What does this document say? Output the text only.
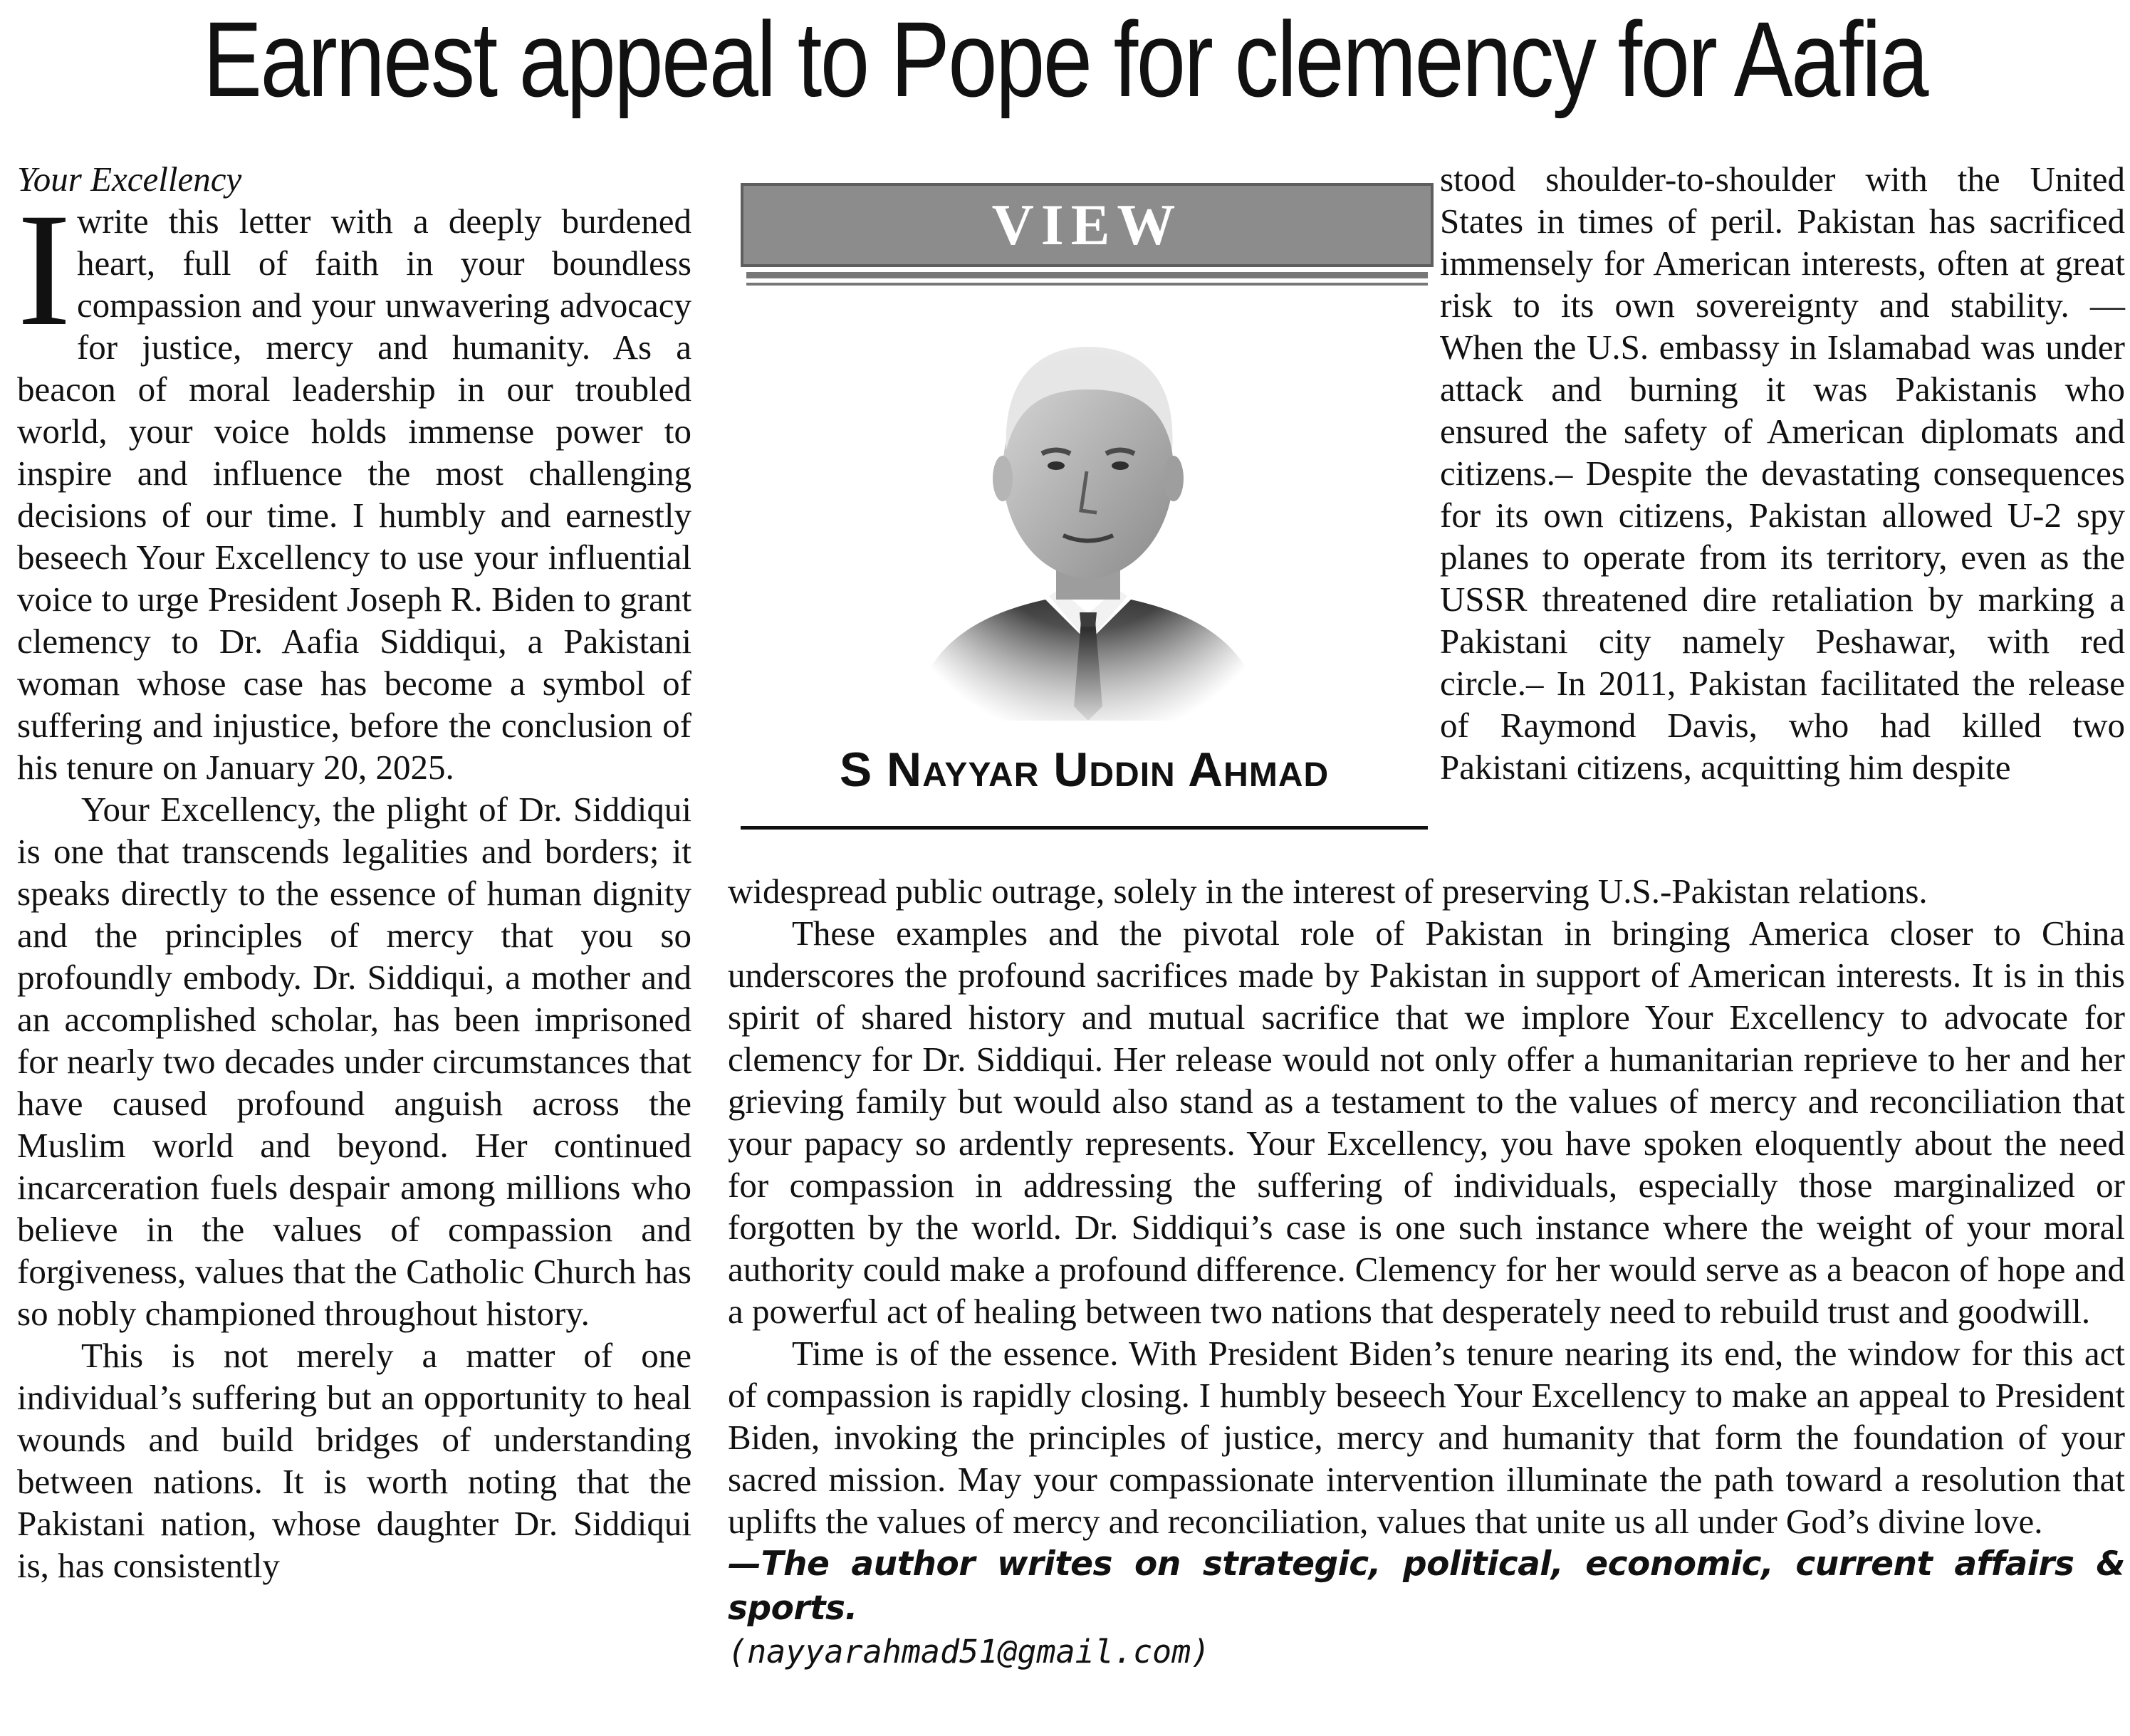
Earnest appeal to Pope for clemency for Aafia

Your Excellency

Iwrite this letter with a deeply burdened heart, full of faith in your boundless compassion and your unwavering advocacy for justice, mercy and humanity. As a beacon of moral leadership in our troubled world, your voice holds immense power to inspire and influence the most challenging decisions of our time. I humbly and earnestly beseech Your Excellency to use your influential voice to urge President Joseph R. Biden to grant clemency to Dr. Aafia Siddiqui, a Pakistani woman whose case has become a symbol of suffering and injustice, before the conclusion of his tenure on January 20, 2025.

Your Excellency, the plight of Dr. Siddiqui is one that transcends legalities and borders; it speaks directly to the essence of human dignity and the principles of mercy that you so profoundly embody. Dr. Siddiqui, a mother and an accomplished scholar, has been imprisoned for nearly two decades under circumstances that have caused profound anguish across the Muslim world and beyond. Her continued incarceration fuels despair among millions who believe in the values of compassion and forgiveness, values that the Catholic Church has so nobly championed throughout history.

This is not merely a matter of one individual’s suffering but an opportunity to heal wounds and build bridges of understanding between nations. It is worth noting that the Pakistani nation, whose daughter Dr. Siddiqui is, has consistently

VIEW
S Nayyar Uddin Ahmad

stood shoulder-to-shoulder with the United States in times of peril. Pakistan has sacrificed immensely for American interests, often at great risk to its own sovereignty and stability. — When the U.S. embassy in Islamabad was under attack and burning it was Pakistanis who ensured the safety of American diplomats and citizens.– Despite the devastating consequences for its own citizens, Pakistan allowed U-2 spy planes to operate from its territory, even as the USSR threatened dire retaliation by marking a Pakistani city namely Peshawar, with red circle.– In 2011, Pakistan facilitated the release of Raymond Davis, who had killed two Pakistani citizens, acquitting him despite

widespread public outrage, solely in the interest of preserving U.S.-Pakistan relations.

These examples and the pivotal role of Pakistan in bringing America closer to China underscores the profound sacrifices made by Pakistan in support of American interests. It is in this spirit of shared history and mutual sacrifice that we implore Your Excellency to advocate for clemency for Dr. Siddiqui. Her release would not only offer a humanitarian reprieve to her and her grieving family but would also stand as a testament to the values of mercy and reconciliation that your papacy so ardently represents. Your Excellency, you have spoken eloquently about the need for compassion in addressing the suffering of individuals, especially those marginalized or forgotten by the world. Dr. Siddiqui’s case is one such instance where the weight of your moral authority could make a profound difference. Clemency for her would serve as a beacon of hope and a powerful act of healing between two nations that desperately need to rebuild trust and goodwill.

Time is of the essence. With President Biden’s tenure nearing its end, the window for this act of compassion is rapidly closing. I humbly beseech Your Excellency to make an appeal to President Biden, invoking the principles of justice, mercy and humanity that form the foundation of your sacred mission. May your compassionate intervention illuminate the path toward a resolution that uplifts the values of mercy and reconciliation, values that unite us all under God’s divine love.

—The author writes on strategic, political, economic, current affairs & sports.

(nayyarahmad51@gmail.com)
